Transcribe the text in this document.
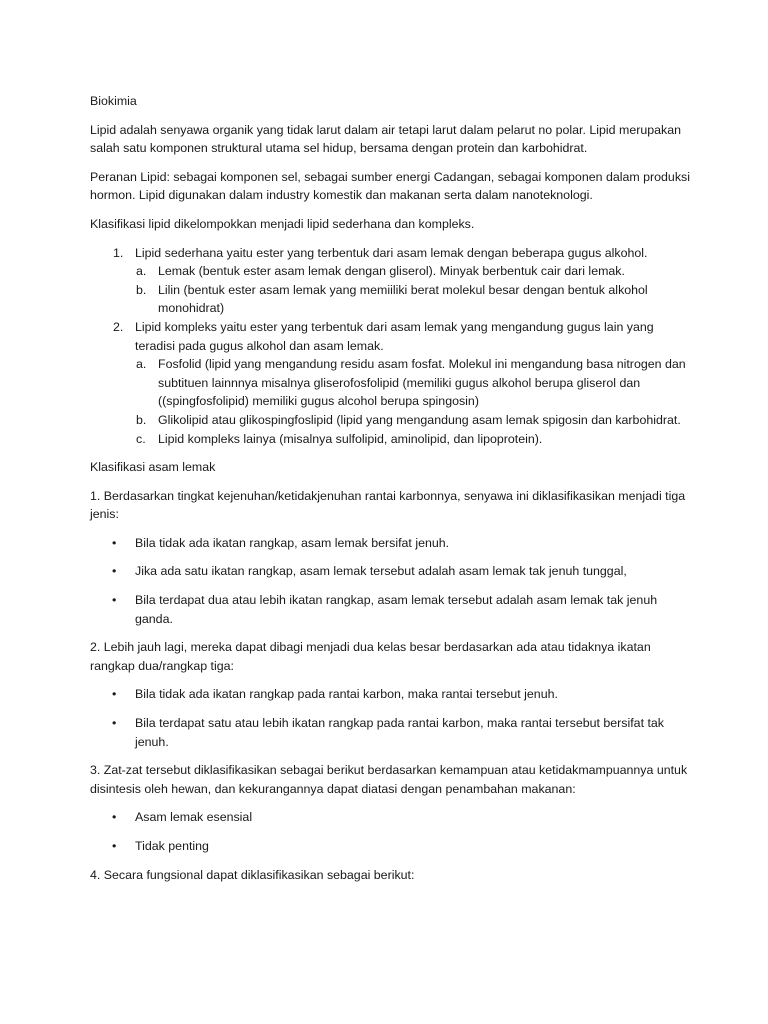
Biokimia

Lipid adalah senyawa organik yang tidak larut dalam air tetapi larut dalam pelarut no polar. Lipid merupakan salah satu komponen struktural utama sel hidup, bersama dengan protein dan karbohidrat.

Peranan Lipid: sebagai komponen sel, sebagai sumber energi Cadangan, sebagai komponen dalam produksi hormon. Lipid digunakan dalam industry komestik dan makanan serta dalam nanoteknologi.

Klasifikasi lipid dikelompokkan menjadi lipid sederhana dan kompleks.

1. Lipid sederhana yaitu ester yang terbentuk dari asam lemak dengan beberapa gugus alkohol.
a. Lemak (bentuk ester asam lemak dengan gliserol). Minyak berbentuk cair dari lemak.
b. Lilin (bentuk ester asam lemak yang memiiliki berat molekul besar dengan bentuk alkohol monohidrat)
2. Lipid kompleks yaitu ester yang terbentuk dari asam lemak yang mengandung gugus lain yang teradisi pada gugus alkohol dan asam lemak.
a. Fosfolid (lipid yang mengandung residu asam fosfat. Molekul ini mengandung basa nitrogen dan subtituen lainnnya misalnya gliserofosfolipid (memiliki gugus alkohol berupa gliserol dan ((spingfosfolipid) memiliki gugus alcohol berupa spingosin)
b. Glikolipid atau glikospingfoslipid (lipid yang mengandung asam lemak spigosin dan karbohidrat.
c. Lipid kompleks lainya (misalnya sulfolipid, aminolipid, dan lipoprotein).

Klasifikasi asam lemak

1. Berdasarkan tingkat kejenuhan/ketidakjenuhan rantai karbonnya, senyawa ini diklasifikasikan menjadi tiga jenis:

• Bila tidak ada ikatan rangkap, asam lemak bersifat jenuh.
• Jika ada satu ikatan rangkap, asam lemak tersebut adalah asam lemak tak jenuh tunggal,
• Bila terdapat dua atau lebih ikatan rangkap, asam lemak tersebut adalah asam lemak tak jenuh ganda.

2. Lebih jauh lagi, mereka dapat dibagi menjadi dua kelas besar berdasarkan ada atau tidaknya ikatan rangkap dua/rangkap tiga:

• Bila tidak ada ikatan rangkap pada rantai karbon, maka rantai tersebut jenuh.
• Bila terdapat satu atau lebih ikatan rangkap pada rantai karbon, maka rantai tersebut bersifat tak jenuh.

3. Zat-zat tersebut diklasifikasikan sebagai berikut berdasarkan kemampuan atau ketidakmampuannya untuk disintesis oleh hewan, dan kekurangannya dapat diatasi dengan penambahan makanan:

• Asam lemak esensial
• Tidak penting

4. Secara fungsional dapat diklasifikasikan sebagai berikut:
